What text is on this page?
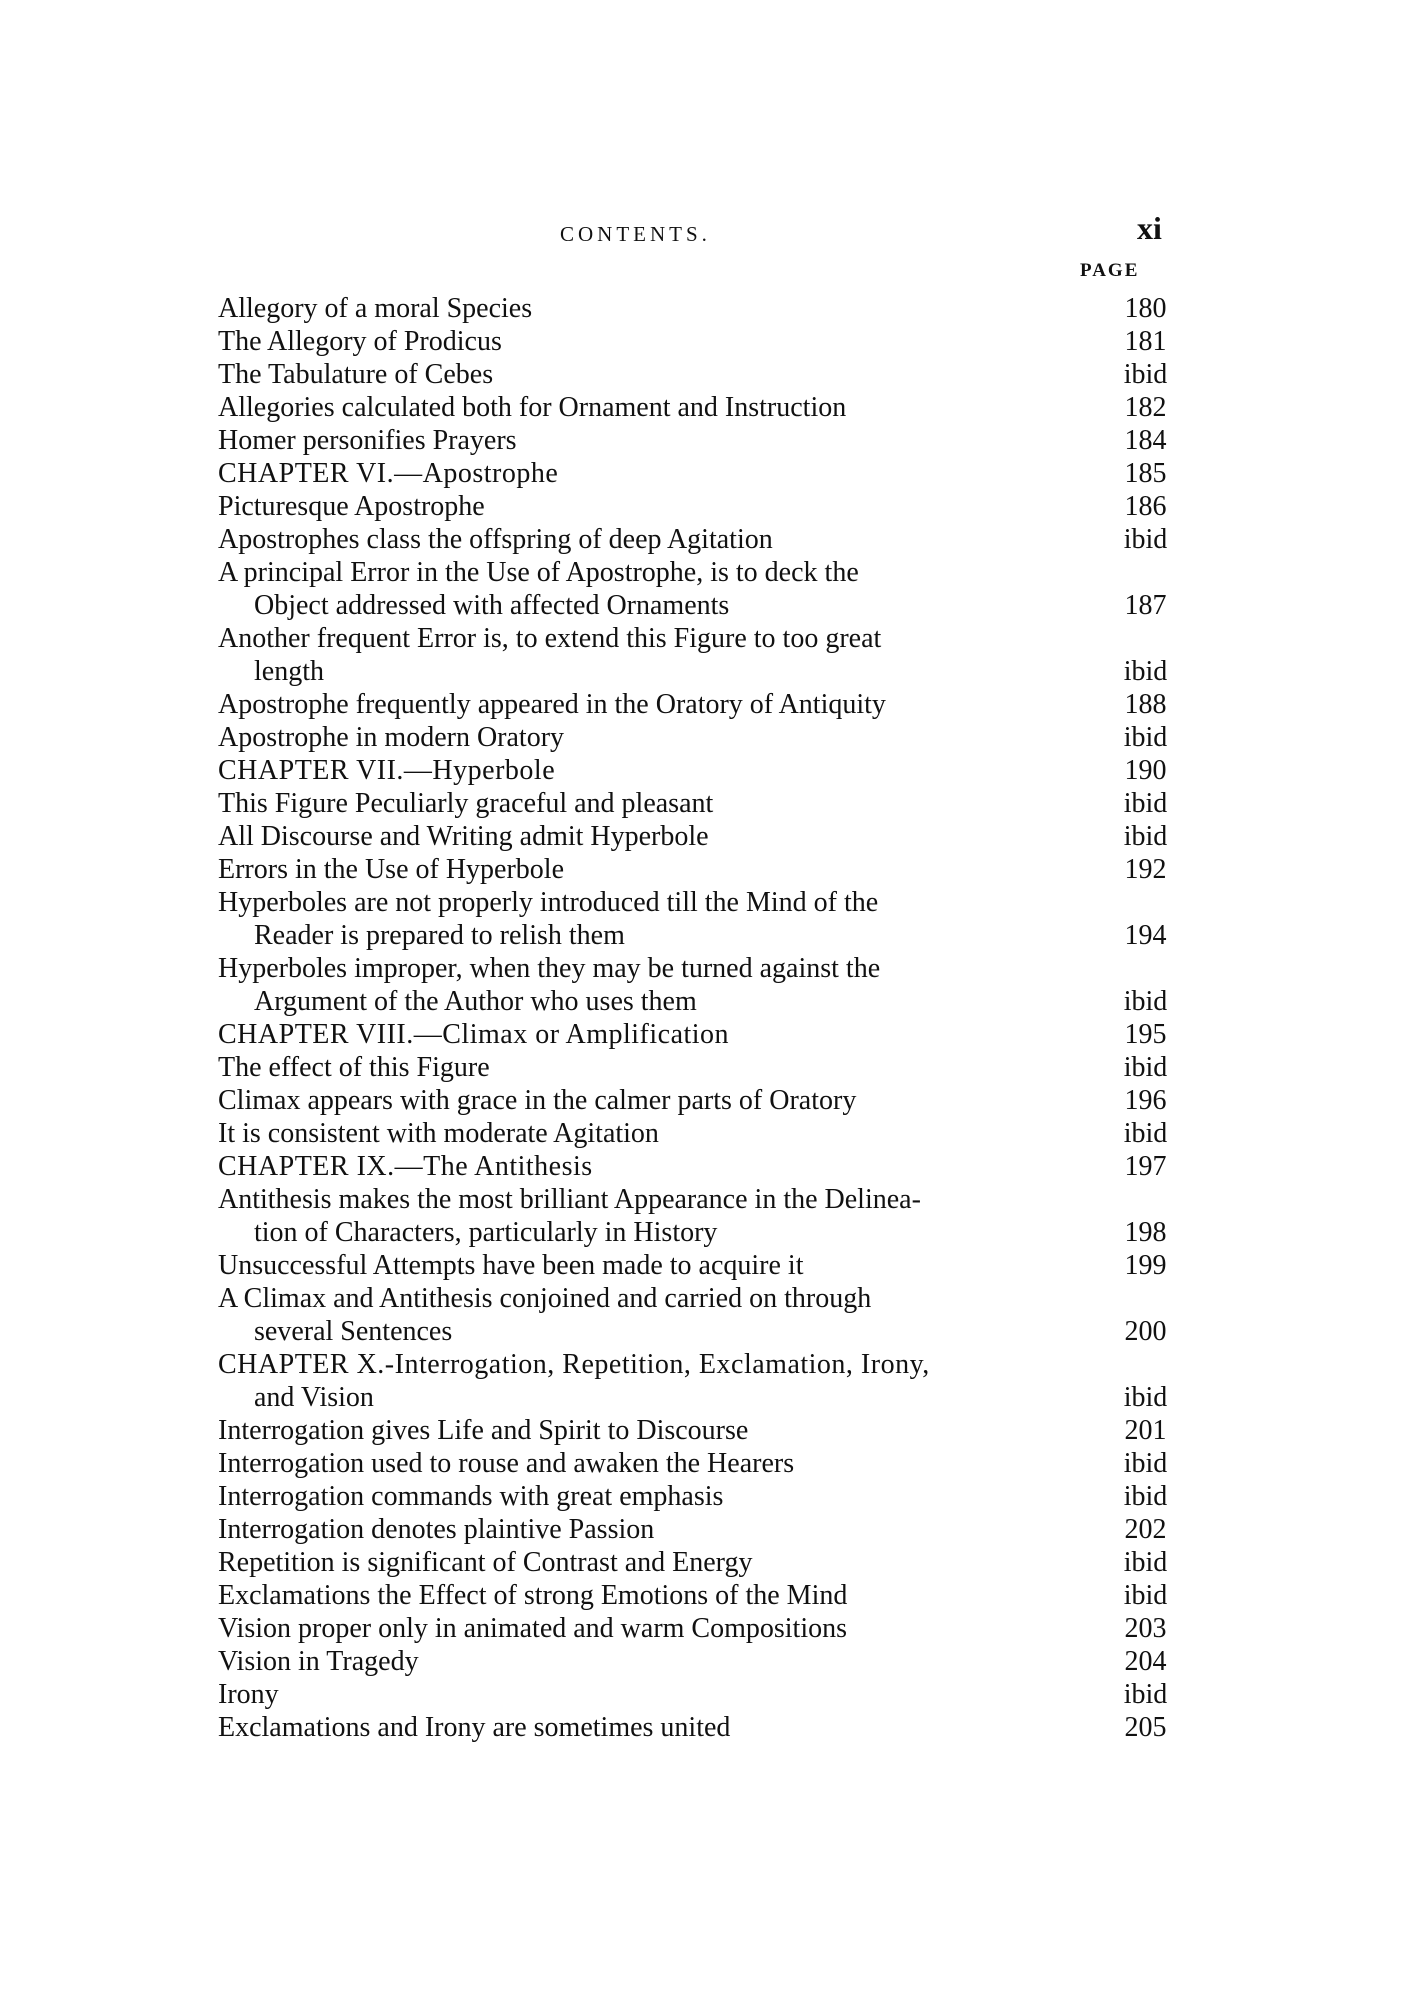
CONTENTS.	xi
PAGE
Allegory of a moral Species	180
The Allegory of Prodicus	181
The Tabulature of Cebes	ibid
Allegories calculated both for Ornament and Instruction	182
Homer personifies Prayers	184
CHAPTER VI.—Apostrophe	185
Picturesque Apostrophe	186
Apostrophes class the offspring of deep Agitation	ibid
A principal Error in the Use of Apostrophe, is to deck the
Object addressed with affected Ornaments	187
Another frequent Error is, to extend this Figure to too great
length	ibid
Apostrophe frequently appeared in the Oratory of Antiquity	188
Apostrophe in modern Oratory	ibid
CHAPTER VII.—Hyperbole	190
This Figure Peculiarly graceful and pleasant	ibid
All Discourse and Writing admit Hyperbole	ibid
Errors in the Use of Hyperbole	192
Hyperboles are not properly introduced till the Mind of the
Reader is prepared to relish them	194
Hyperboles improper, when they may be turned against the
Argument of the Author who uses them	ibid
CHAPTER VIII.—Climax or Amplification	195
The effect of this Figure	ibid
Climax appears with grace in the calmer parts of Oratory	196
It is consistent with moderate Agitation	ibid
CHAPTER IX.—The Antithesis	197
Antithesis makes the most brilliant Appearance in the Delinea-
tion of Characters, particularly in History	198
Unsuccessful Attempts have been made to acquire it	199
A Climax and Antithesis conjoined and carried on through
several Sentences	200
CHAPTER X.-Interrogation, Repetition, Exclamation, Irony,
and Vision	ibid
Interrogation gives Life and Spirit to Discourse	201
Interrogation used to rouse and awaken the Hearers	ibid
Interrogation commands with great emphasis	ibid
Interrogation denotes plaintive Passion	202
Repetition is significant of Contrast and Energy	ibid
Exclamations the Effect of strong Emotions of the Mind	ibid
Vision proper only in animated and warm Compositions	203
Vision in Tragedy	204
Irony	ibid
Exclamations and Irony are sometimes united	205
